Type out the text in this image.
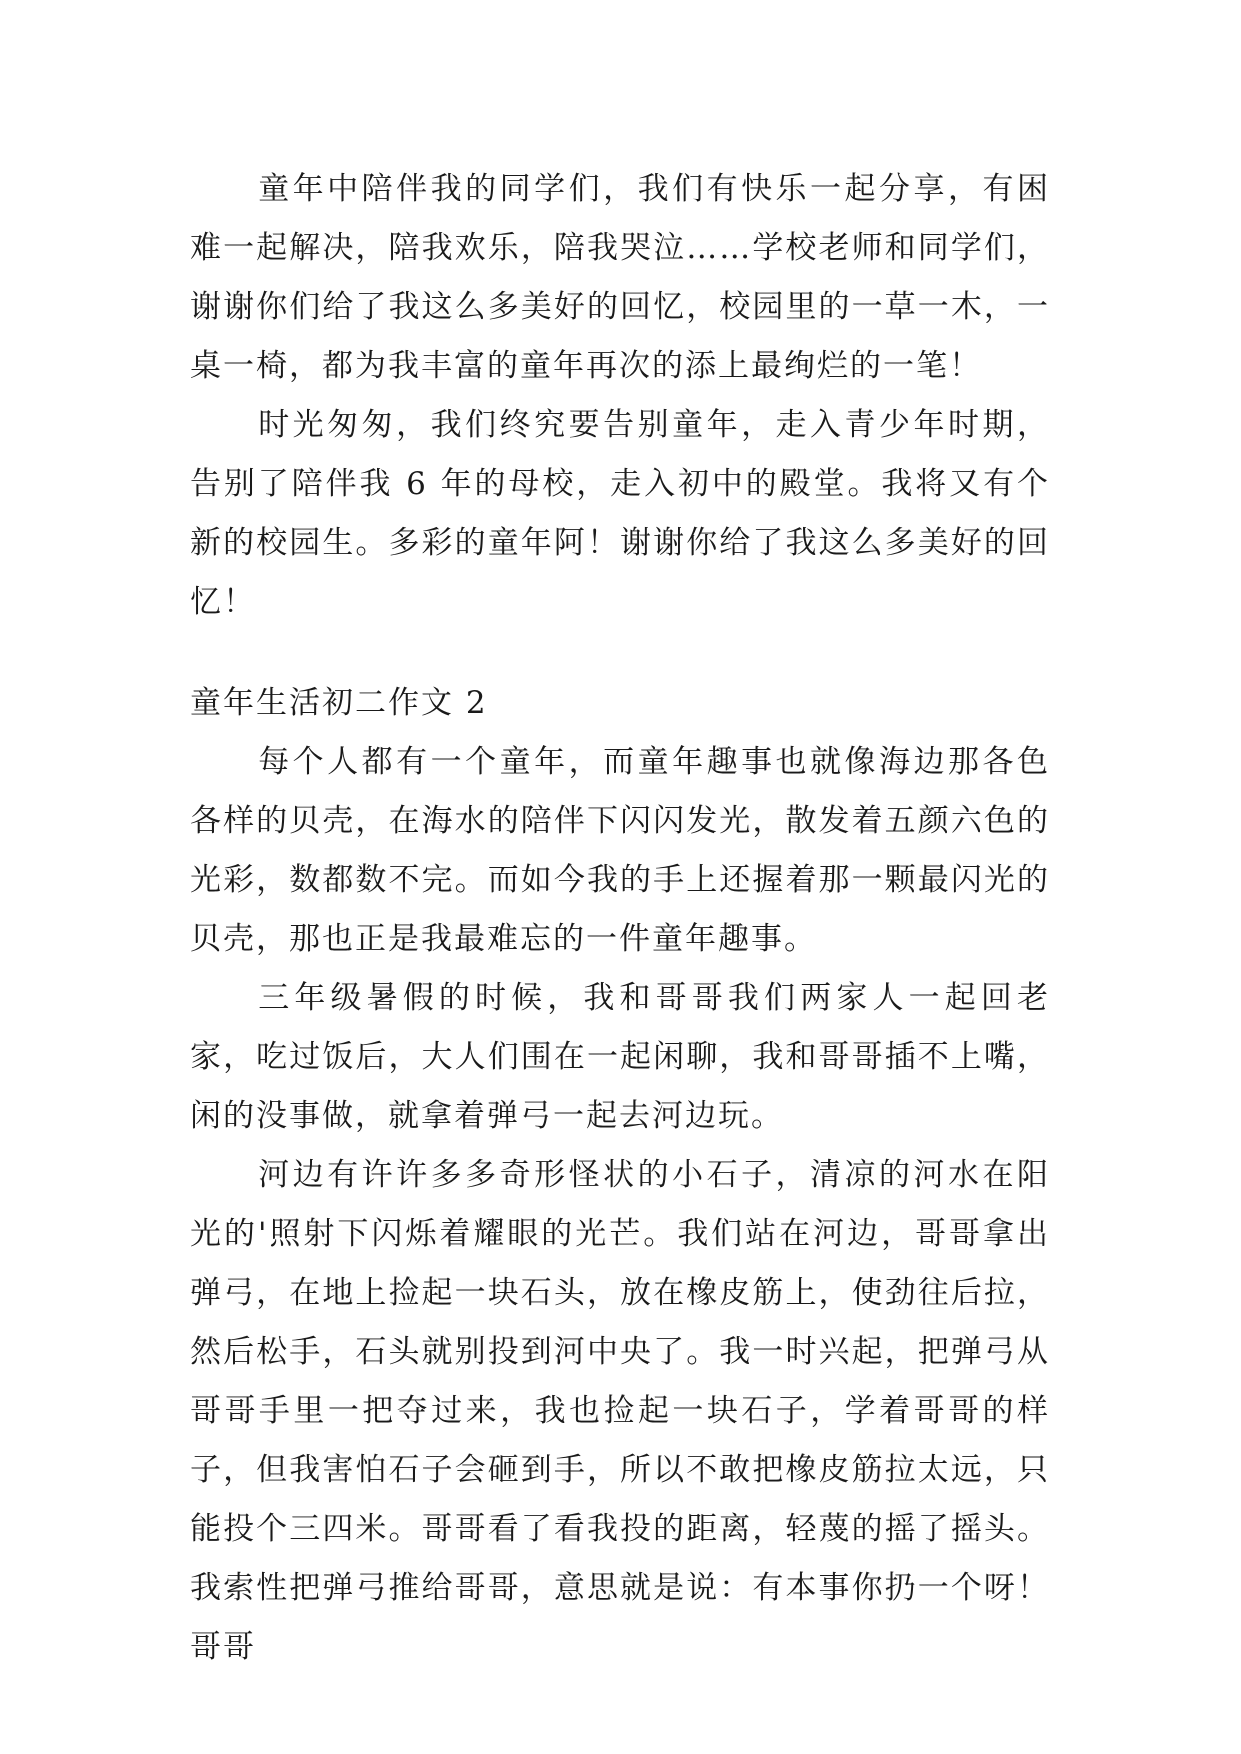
童年中陪伴我的同学们，我们有快乐一起分享，有困难一起解决，陪我欢乐，陪我哭泣……学校老师和同学们，谢谢你们给了我这么多美好的回忆，校园里的一草一木，一桌一椅，都为我丰富的童年再次的添上最绚烂的一笔！

时光匆匆，我们终究要告别童年，走入青少年时期，告别了陪伴我 6 年的母校，走入初中的殿堂。我将又有个新的校园生。多彩的童年阿！谢谢你给了我这么多美好的回忆！

童年生活初二作文 2

每个人都有一个童年，而童年趣事也就像海边那各色各样的贝壳，在海水的陪伴下闪闪发光，散发着五颜六色的光彩，数都数不完。而如今我的手上还握着那一颗最闪光的贝壳，那也正是我最难忘的一件童年趣事。

三年级暑假的时候，我和哥哥我们两家人一起回老家，吃过饭后，大人们围在一起闲聊，我和哥哥插不上嘴，闲的没事做，就拿着弹弓一起去河边玩。

河边有许许多多奇形怪状的小石子，清凉的河水在阳光的'照射下闪烁着耀眼的光芒。我们站在河边，哥哥拿出弹弓，在地上捡起一块石头，放在橡皮筋上，使劲往后拉，然后松手，石头就别投到河中央了。我一时兴起，把弹弓从哥哥手里一把夺过来，我也捡起一块石子，学着哥哥的样子，但我害怕石子会砸到手，所以不敢把橡皮筋拉太远，只能投个三四米。哥哥看了看我投的距离，轻蔑的摇了摇头。我索性把弹弓推给哥哥，意思就是说：有本事你扔一个呀！哥哥
